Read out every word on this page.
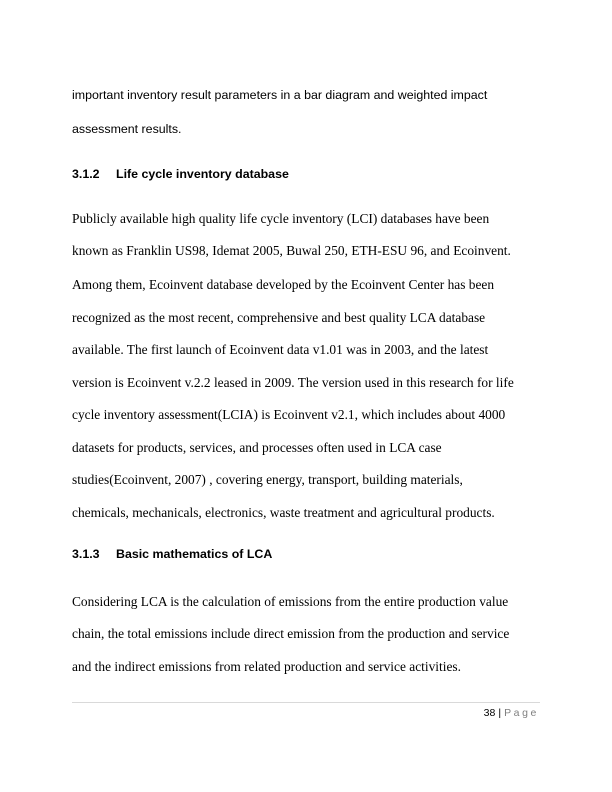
important inventory result parameters in a bar diagram and weighted impact

assessment results.

3.1.2 Life cycle inventory database

Publicly available high quality life cycle inventory (LCI) databases have been

known as Franklin US98, Idemat 2005, Buwal 250, ETH-ESU 96, and Ecoinvent.

Among them, Ecoinvent database developed by the Ecoinvent Center has been

recognized as the most recent, comprehensive and best quality LCA database

available. The first launch of Ecoinvent data v1.01 was in 2003, and the latest

version is Ecoinvent v.2.2 leased in 2009. The version used in this research for life

cycle inventory assessment(LCIA) is Ecoinvent v2.1, which includes about 4000

datasets for products, services, and processes often used in LCA case

studies(Ecoinvent, 2007) , covering energy, transport, building materials,

chemicals, mechanicals, electronics, waste treatment and agricultural products.

3.1.3 Basic mathematics of LCA

Considering LCA is the calculation of emissions from the entire production value

chain, the total emissions include direct emission from the production and service

and the indirect emissions from related production and service activities.

38 | Page
